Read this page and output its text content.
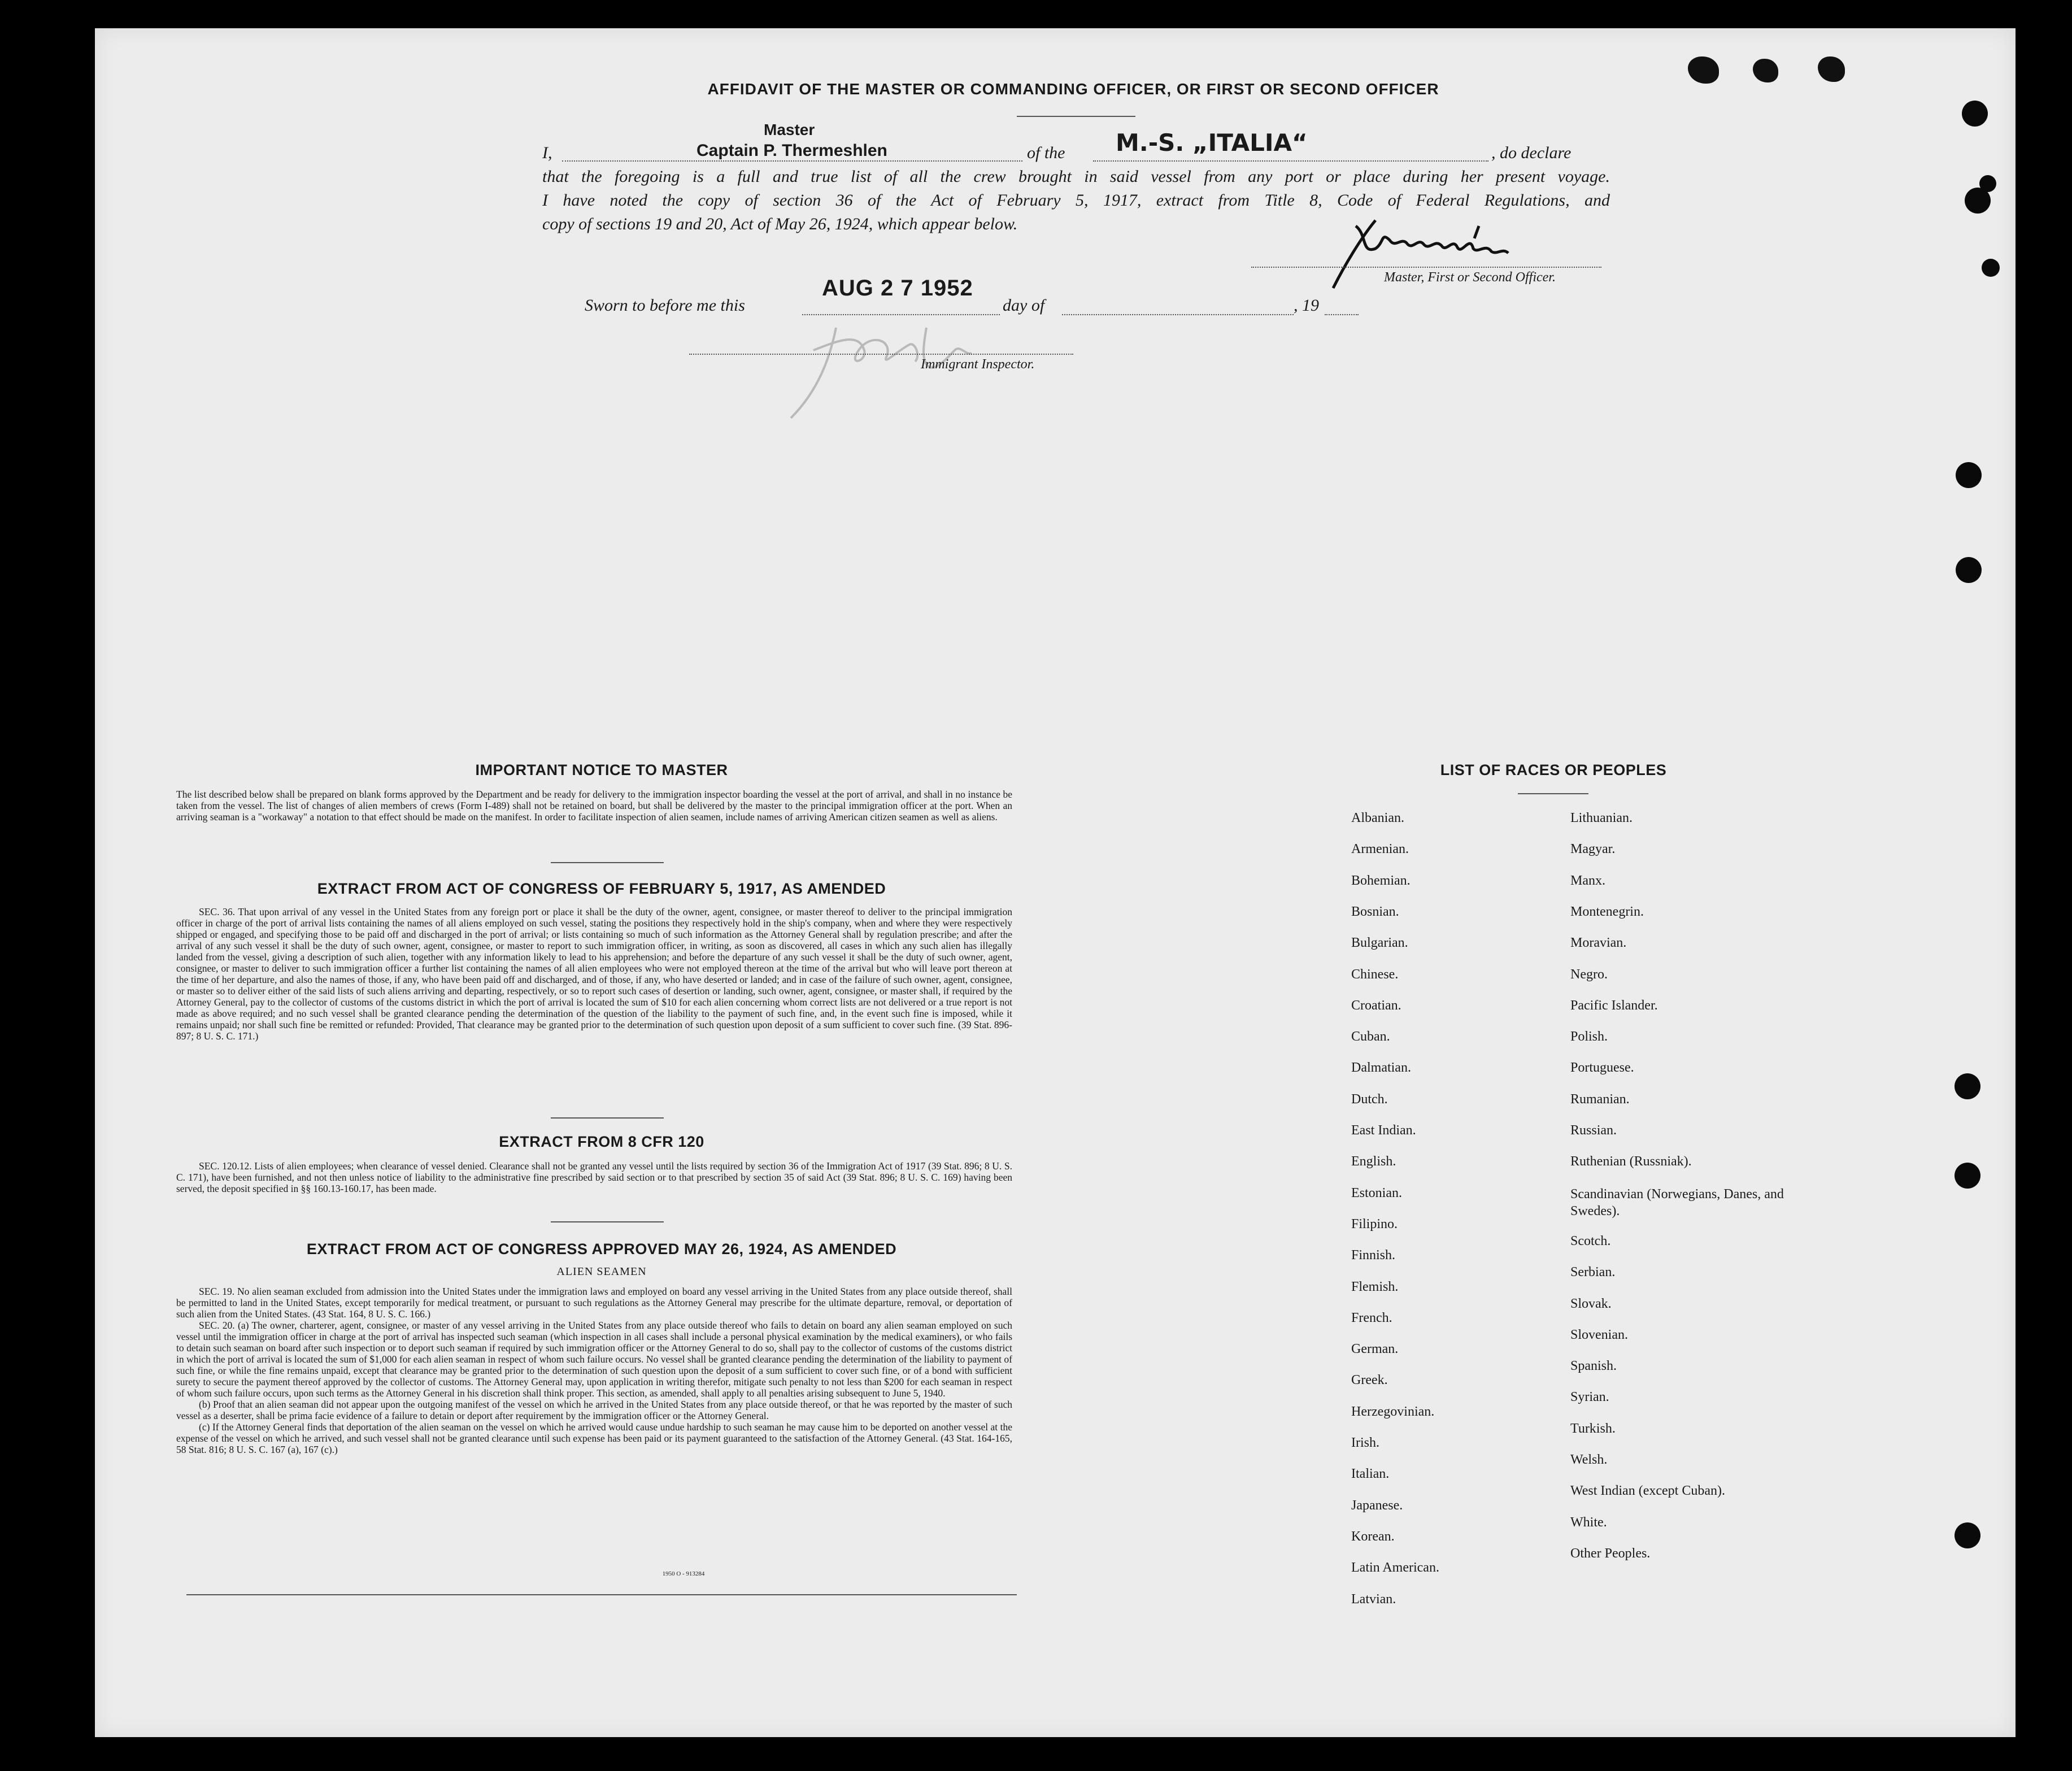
AFFIDAVIT OF THE MASTER OR COMMANDING OFFICER, OR FIRST OR SECOND OFFICER
I,
Master
Captain P. Thermeshlen	of the M.-S. „ITALIA“	, do declare
that the foregoing is a full and true list of all the crew brought in said vessel from any port or place during her present voyage.
I have noted the copy of section 36 of the Act of February 5, 1917, extract from Title 8, Code of Federal Regulations, and
copy of sections 19 and 20, Act of May 26, 1924, which appear below.
Master, First or Second Officer.
Sworn to before me this
AUG 2 7 1952
day of	, 19
Immigrant Inspector.
IMPORTANT NOTICE TO MASTER
The list described below shall be prepared on blank forms approved by the Department and be ready for delivery to the immigration inspector boarding the vessel at the port of arrival, and shall in no instance be taken from the vessel. The list of changes of alien members of crews (Form I-489) shall not be retained on board, but shall be delivered by the master to the principal immigration officer at the port. When an arriving seaman is a "workaway" a notation to that effect should be made on the manifest. In order to facilitate inspection of alien seamen, include names of arriving American citizen seamen as well as aliens.
EXTRACT FROM ACT OF CONGRESS OF FEBRUARY 5, 1917, AS AMENDED
SEC. 36. That upon arrival of any vessel in the United States from any foreign port or place it shall be the duty of the owner, agent, consignee, or master thereof to deliver to the principal immigration officer in charge of the port of arrival lists containing the names of all aliens employed on such vessel, stating the positions they respectively hold in the ship's company, when and where they were respectively shipped or engaged, and specifying those to be paid off and discharged in the port of arrival; or lists containing so much of such information as the Attorney General shall by regulation prescribe; and after the arrival of any such vessel it shall be the duty of such owner, agent, consignee, or master to report to such immigration officer, in writing, as soon as discovered, all cases in which any such alien has illegally landed from the vessel, giving a description of such alien, together with any information likely to lead to his apprehension; and before the departure of any such vessel it shall be the duty of such owner, agent, consignee, or master to deliver to such immigration officer a further list containing the names of all alien employees who were not employed thereon at the time of the arrival but who will leave port thereon at the time of her departure, and also the names of those, if any, who have been paid off and discharged, and of those, if any, who have deserted or landed; and in case of the failure of such owner, agent, consignee, or master so to deliver either of the said lists of such aliens arriving and departing, respectively, or so to report such cases of desertion or landing, such owner, agent, consignee, or master shall, if required by the Attorney General, pay to the collector of customs of the customs district in which the port of arrival is located the sum of $10 for each alien concerning whom correct lists are not delivered or a true report is not made as above required; and no such vessel shall be granted clearance pending the determination of the question of the liability to the payment of such fine, and, in the event such fine is imposed, while it remains unpaid; nor shall such fine be remitted or refunded: Provided, That clearance may be granted prior to the determination of such question upon deposit of a sum sufficient to cover such fine. (39 Stat. 896-897; 8 U. S. C. 171.)
EXTRACT FROM 8 CFR 120
SEC. 120.12. Lists of alien employees; when clearance of vessel denied. Clearance shall not be granted any vessel until the lists required by section 36 of the Immigration Act of 1917 (39 Stat. 896; 8 U. S. C. 171), have been furnished, and not then unless notice of liability to the administrative fine prescribed by said section or to that prescribed by section 35 of said Act (39 Stat. 896; 8 U. S. C. 169) having been served, the deposit specified in §§ 160.13-160.17, has been made.
EXTRACT FROM ACT OF CONGRESS APPROVED MAY 26, 1924, AS AMENDED
ALIEN SEAMEN
SEC. 19. No alien seaman excluded from admission into the United States under the immigration laws and employed on board any vessel arriving in the United States from any place outside thereof, shall be permitted to land in the United States, except temporarily for medical treatment, or pursuant to such regulations as the Attorney General may prescribe for the ultimate departure, removal, or deportation of such alien from the United States. (43 Stat. 164, 8 U. S. C. 166.)
SEC. 20. (a) The owner, charterer, agent, consignee, or master of any vessel arriving in the United States from any place outside thereof who fails to detain on board any alien seaman employed on such vessel until the immigration officer in charge at the port of arrival has inspected such seaman (which inspection in all cases shall include a personal physical examination by the medical examiners), or who fails to detain such seaman on board after such inspection or to deport such seaman if required by such immigration officer or the Attorney General to do so, shall pay to the collector of customs of the customs district in which the port of arrival is located the sum of $1,000 for each alien seaman in respect of whom such failure occurs. No vessel shall be granted clearance pending the determination of the liability to payment of such fine, or while the fine remains unpaid, except that clearance may be granted prior to the determination of such question upon the deposit of a sum sufficient to cover such fine, or of a bond with sufficient surety to secure the payment thereof approved by the collector of customs. The Attorney General may, upon application in writing therefor, mitigate such penalty to not less than $200 for each seaman in respect of whom such failure occurs, upon such terms as the Attorney General in his discretion shall think proper. This section, as amended, shall apply to all penalties arising subsequent to June 5, 1940.
(b) Proof that an alien seaman did not appear upon the outgoing manifest of the vessel on which he arrived in the United States from any place outside thereof, or that he was reported by the master of such vessel as a deserter, shall be prima facie evidence of a failure to detain or deport after requirement by the immigration officer or the Attorney General.
(c) If the Attorney General finds that deportation of the alien seaman on the vessel on which he arrived would cause undue hardship to such seaman he may cause him to be deported on another vessel at the expense of the vessel on which he arrived, and such vessel shall not be granted clearance until such expense has been paid or its payment guaranteed to the satisfaction of the Attorney General. (43 Stat. 164-165, 58 Stat. 816; 8 U. S. C. 167 (a), 167 (c).)
1950 O - 913284
LIST OF RACES OR PEOPLES
Albanian.
Armenian.
Bohemian.
Bosnian.
Bulgarian.
Chinese.
Croatian.
Cuban.
Dalmatian.
Dutch.
East Indian.
English.
Estonian.
Filipino.
Finnish.
Flemish.
French.
German.
Greek.
Herzegovinian.
Irish.
Italian.
Japanese.
Korean.
Latin American.
Latvian.
Lithuanian.
Magyar.
Manx.
Montenegrin.
Moravian.
Negro.
Pacific Islander.
Polish.
Portuguese.
Rumanian.
Russian.
Ruthenian (Russniak).
Scandinavian (Norwegians, Danes, and Swedes).
Scotch.
Serbian.
Slovak.
Slovenian.
Spanish.
Syrian.
Turkish.
Welsh.
West Indian (except Cuban).
White.
Other Peoples.
